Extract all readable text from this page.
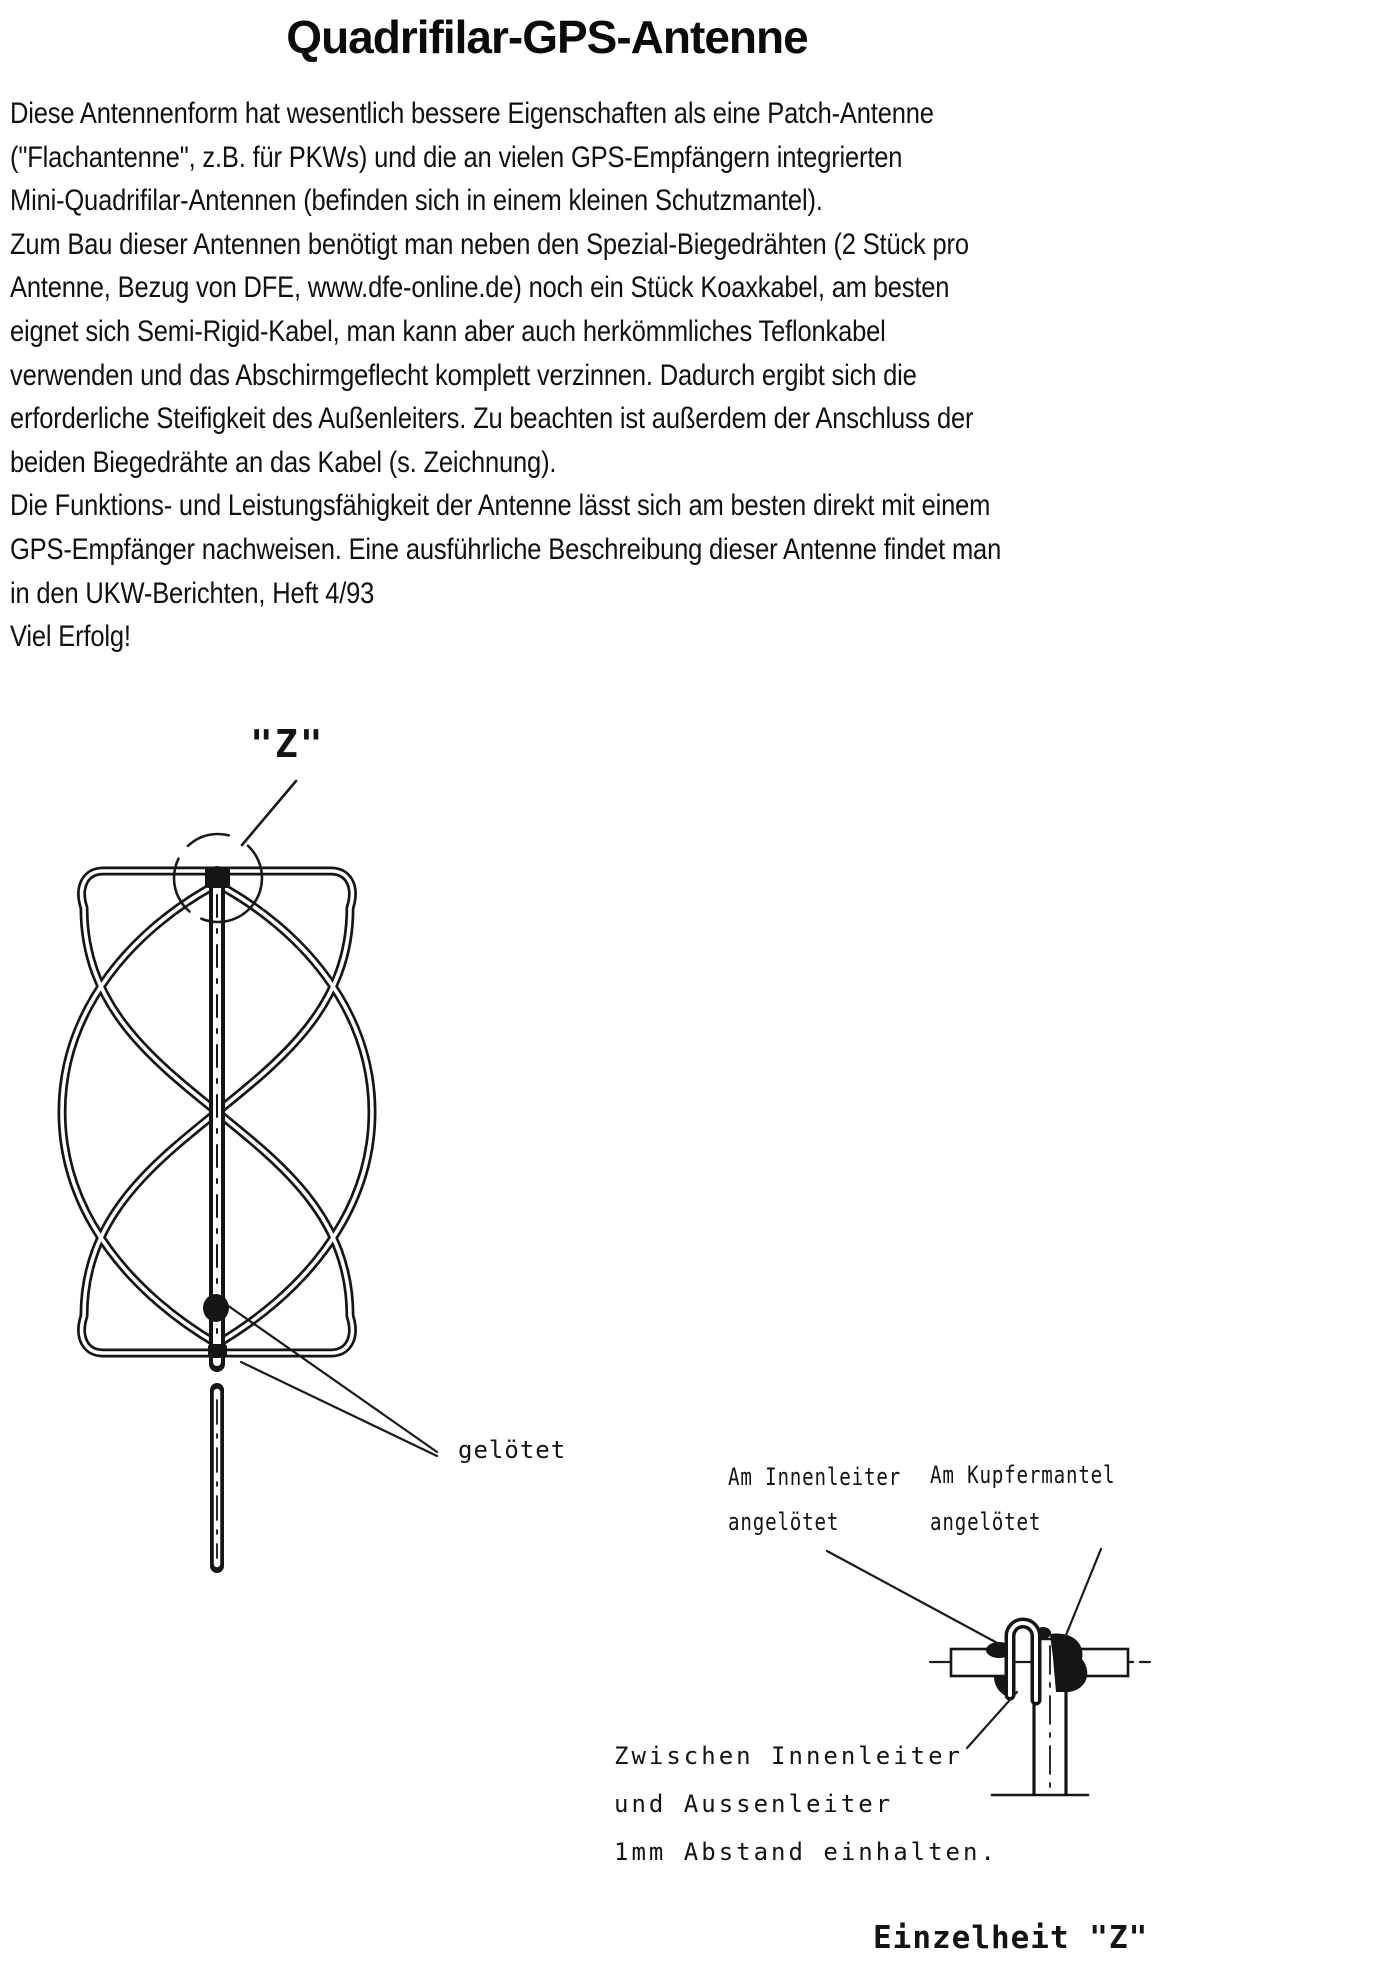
Quadrifilar-GPS-Antenne
Diese Antennenform hat wesentlich bessere Eigenschaften als eine Patch-Antenne
("Flachantenne", z.B. für PKWs) und die an vielen GPS-Empfängern integrierten
Mini-Quadrifilar-Antennen (befinden sich in einem kleinen Schutzmantel).
Zum Bau dieser Antennen benötigt man neben den Spezial-Biegedrähten (2 Stück pro
Antenne, Bezug von DFE, www.dfe-online.de) noch ein Stück Koaxkabel, am besten
eignet sich Semi-Rigid-Kabel, man kann aber auch herkömmliches Teflonkabel
verwenden und das Abschirmgeflecht komplett verzinnen. Dadurch ergibt sich die
erforderliche Steifigkeit des Außenleiters. Zu beachten ist außerdem der Anschluss der
beiden Biegedrähte an das Kabel (s. Zeichnung).
Die Funktions- und Leistungsfähigkeit der Antenne lässt sich am besten direkt mit einem
GPS-Empfänger nachweisen. Eine ausführliche Beschreibung dieser Antenne findet man
in den UKW-Berichten, Heft 4/93
Viel Erfolg!
"Z"
gelötet
Am Innenleiter
angelötet
Am Kupfermantel
angelötet
Zwischen Innenleiter
und Aussenleiter
1mm Abstand einhalten.
Einzelheit "Z"
